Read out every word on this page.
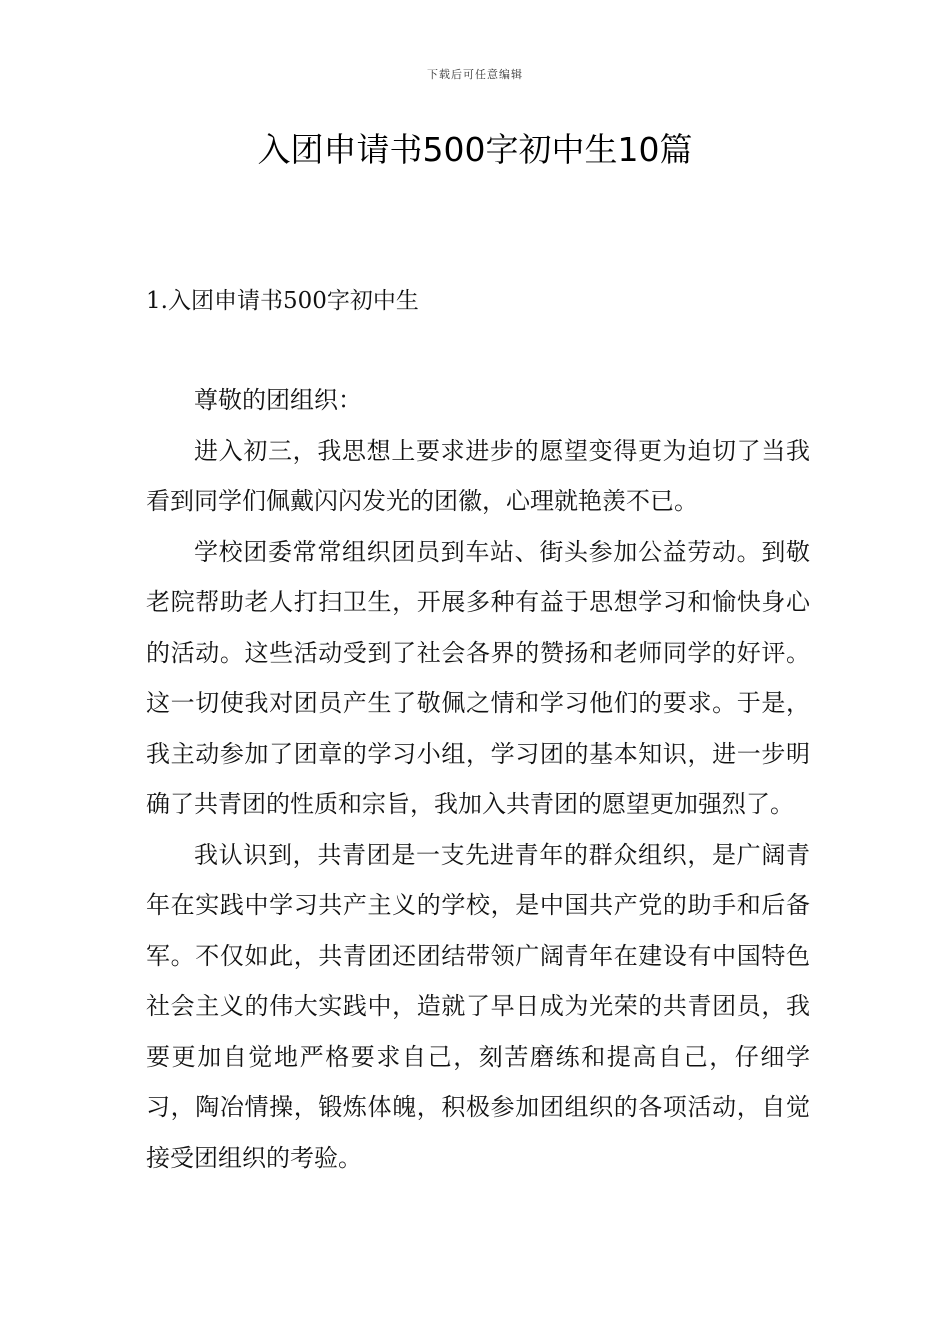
下载后可任意编辑
入团申请书500字初中生10篇
1.入团申请书500字初中生

尊敬的团组织：

进入初三，我思想上要求进步的愿望变得更为迫切了当我看到同学们佩戴闪闪发光的团徽，心理就艳羡不已。

学校团委常常组织团员到车站、街头参加公益劳动。到敬老院帮助老人打扫卫生，开展多种有益于思想学习和愉快身心的活动。这些活动受到了社会各界的赞扬和老师同学的好评。这一切使我对团员产生了敬佩之情和学习他们的要求。于是，我主动参加了团章的学习小组，学习团的基本知识，进一步明确了共青团的性质和宗旨，我加入共青团的愿望更加强烈了。

我认识到，共青团是一支先进青年的群众组织，是广阔青年在实践中学习共产主义的学校，是中国共产党的助手和后备军。不仅如此，共青团还团结带领广阔青年在建设有中国特色社会主义的伟大实践中，造就了早日成为光荣的共青团员，我要更加自觉地严格要求自己，刻苦磨练和提高自己，仔细学习，陶冶情操，锻炼体魄，积极参加团组织的各项活动，自觉接受团组织的考验。
